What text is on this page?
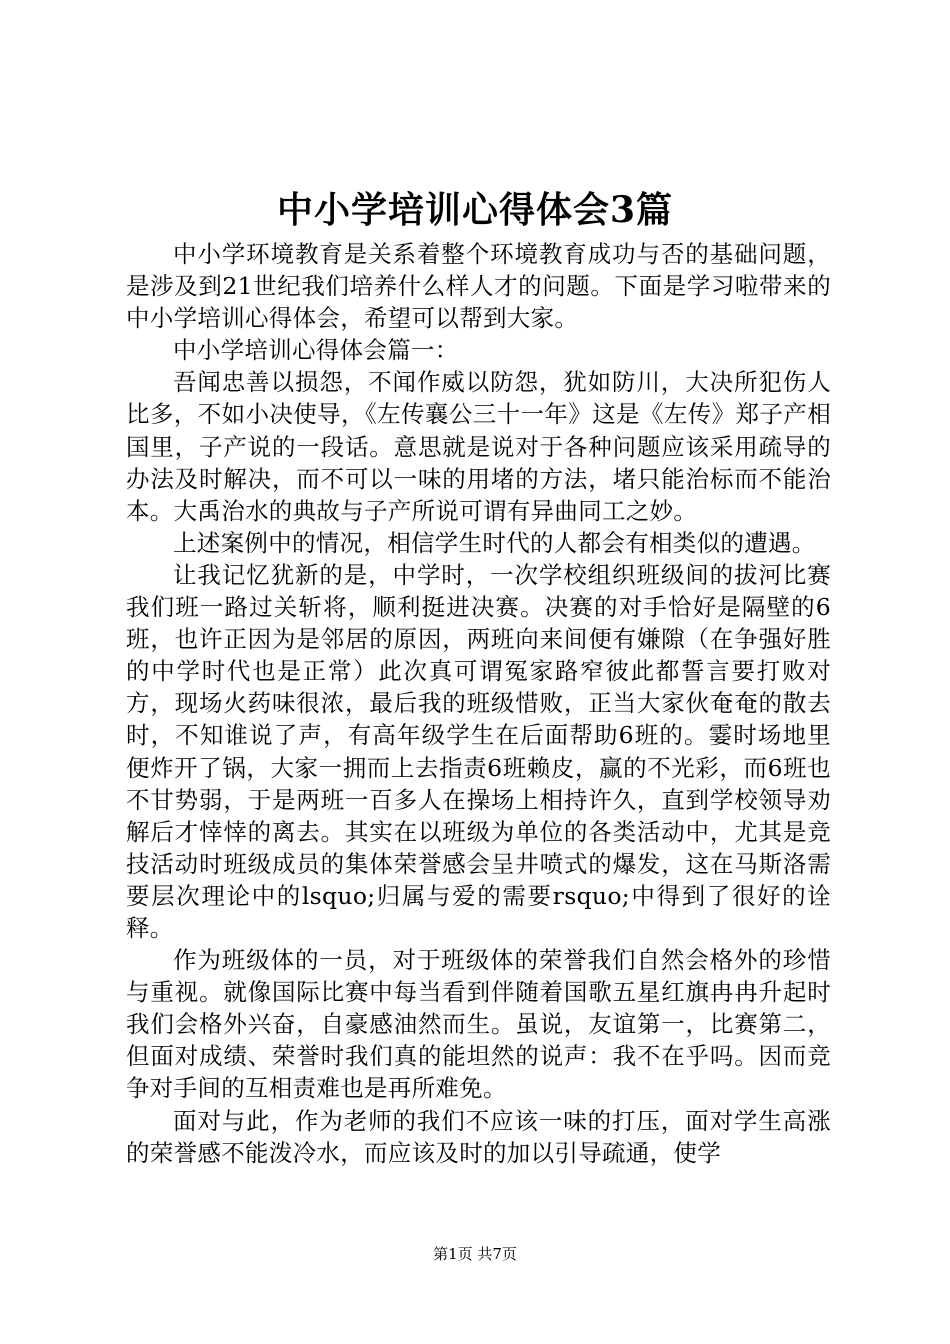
中小学培训心得体会3篇

中小学环境教育是关系着整个环境教育成功与否的基础问题，是涉及到21世纪我们培养什么样人才的问题。下面是学习啦带来的中小学培训心得体会，希望可以帮到大家。

中小学培训心得体会篇一：

吾闻忠善以损怨，不闻作威以防怨，犹如防川，大决所犯伤人比多，不如小决使导，《左传襄公三十一年》这是《左传》郑子产相国里，子产说的一段话。意思就是说对于各种问题应该采用疏导的办法及时解决，而不可以一味的用堵的方法，堵只能治标而不能治本。大禹治水的典故与子产所说可谓有异曲同工之妙。

上述案例中的情况，相信学生时代的人都会有相类似的遭遇。

让我记忆犹新的是，中学时，一次学校组织班级间的拔河比赛我们班一路过关斩将，顺利挺进决赛。决赛的对手恰好是隔壁的6班，也许正因为是邻居的原因，两班向来间便有嫌隙（在争强好胜的中学时代也是正常）此次真可谓冤家路窄彼此都誓言要打败对方，现场火药味很浓，最后我的班级惜败，正当大家伙奄奄的散去时，不知谁说了声，有高年级学生在后面帮助6班的。霎时场地里便炸开了锅，大家一拥而上去指责6班赖皮，赢的不光彩，而6班也不甘势弱，于是两班一百多人在操场上相持许久，直到学校领导劝解后才悻悻的离去。其实在以班级为单位的各类活动中，尤其是竞技活动时班级成员的集体荣誉感会呈井喷式的爆发，这在马斯洛需要层次理论中的lsquo;归属与爱的需要rsquo;中得到了很好的诠释。

作为班级体的一员，对于班级体的荣誉我们自然会格外的珍惜与重视。就像国际比赛中每当看到伴随着国歌五星红旗冉冉升起时我们会格外兴奋，自豪感油然而生。虽说，友谊第一，比赛第二，但面对成绩、荣誉时我们真的能坦然的说声：我不在乎吗。因而竞争对手间的互相责难也是再所难免。

面对与此，作为老师的我们不应该一味的打压，面对学生高涨的荣誉感不能泼冷水，而应该及时的加以引导疏通，使学

第1页 共7页
